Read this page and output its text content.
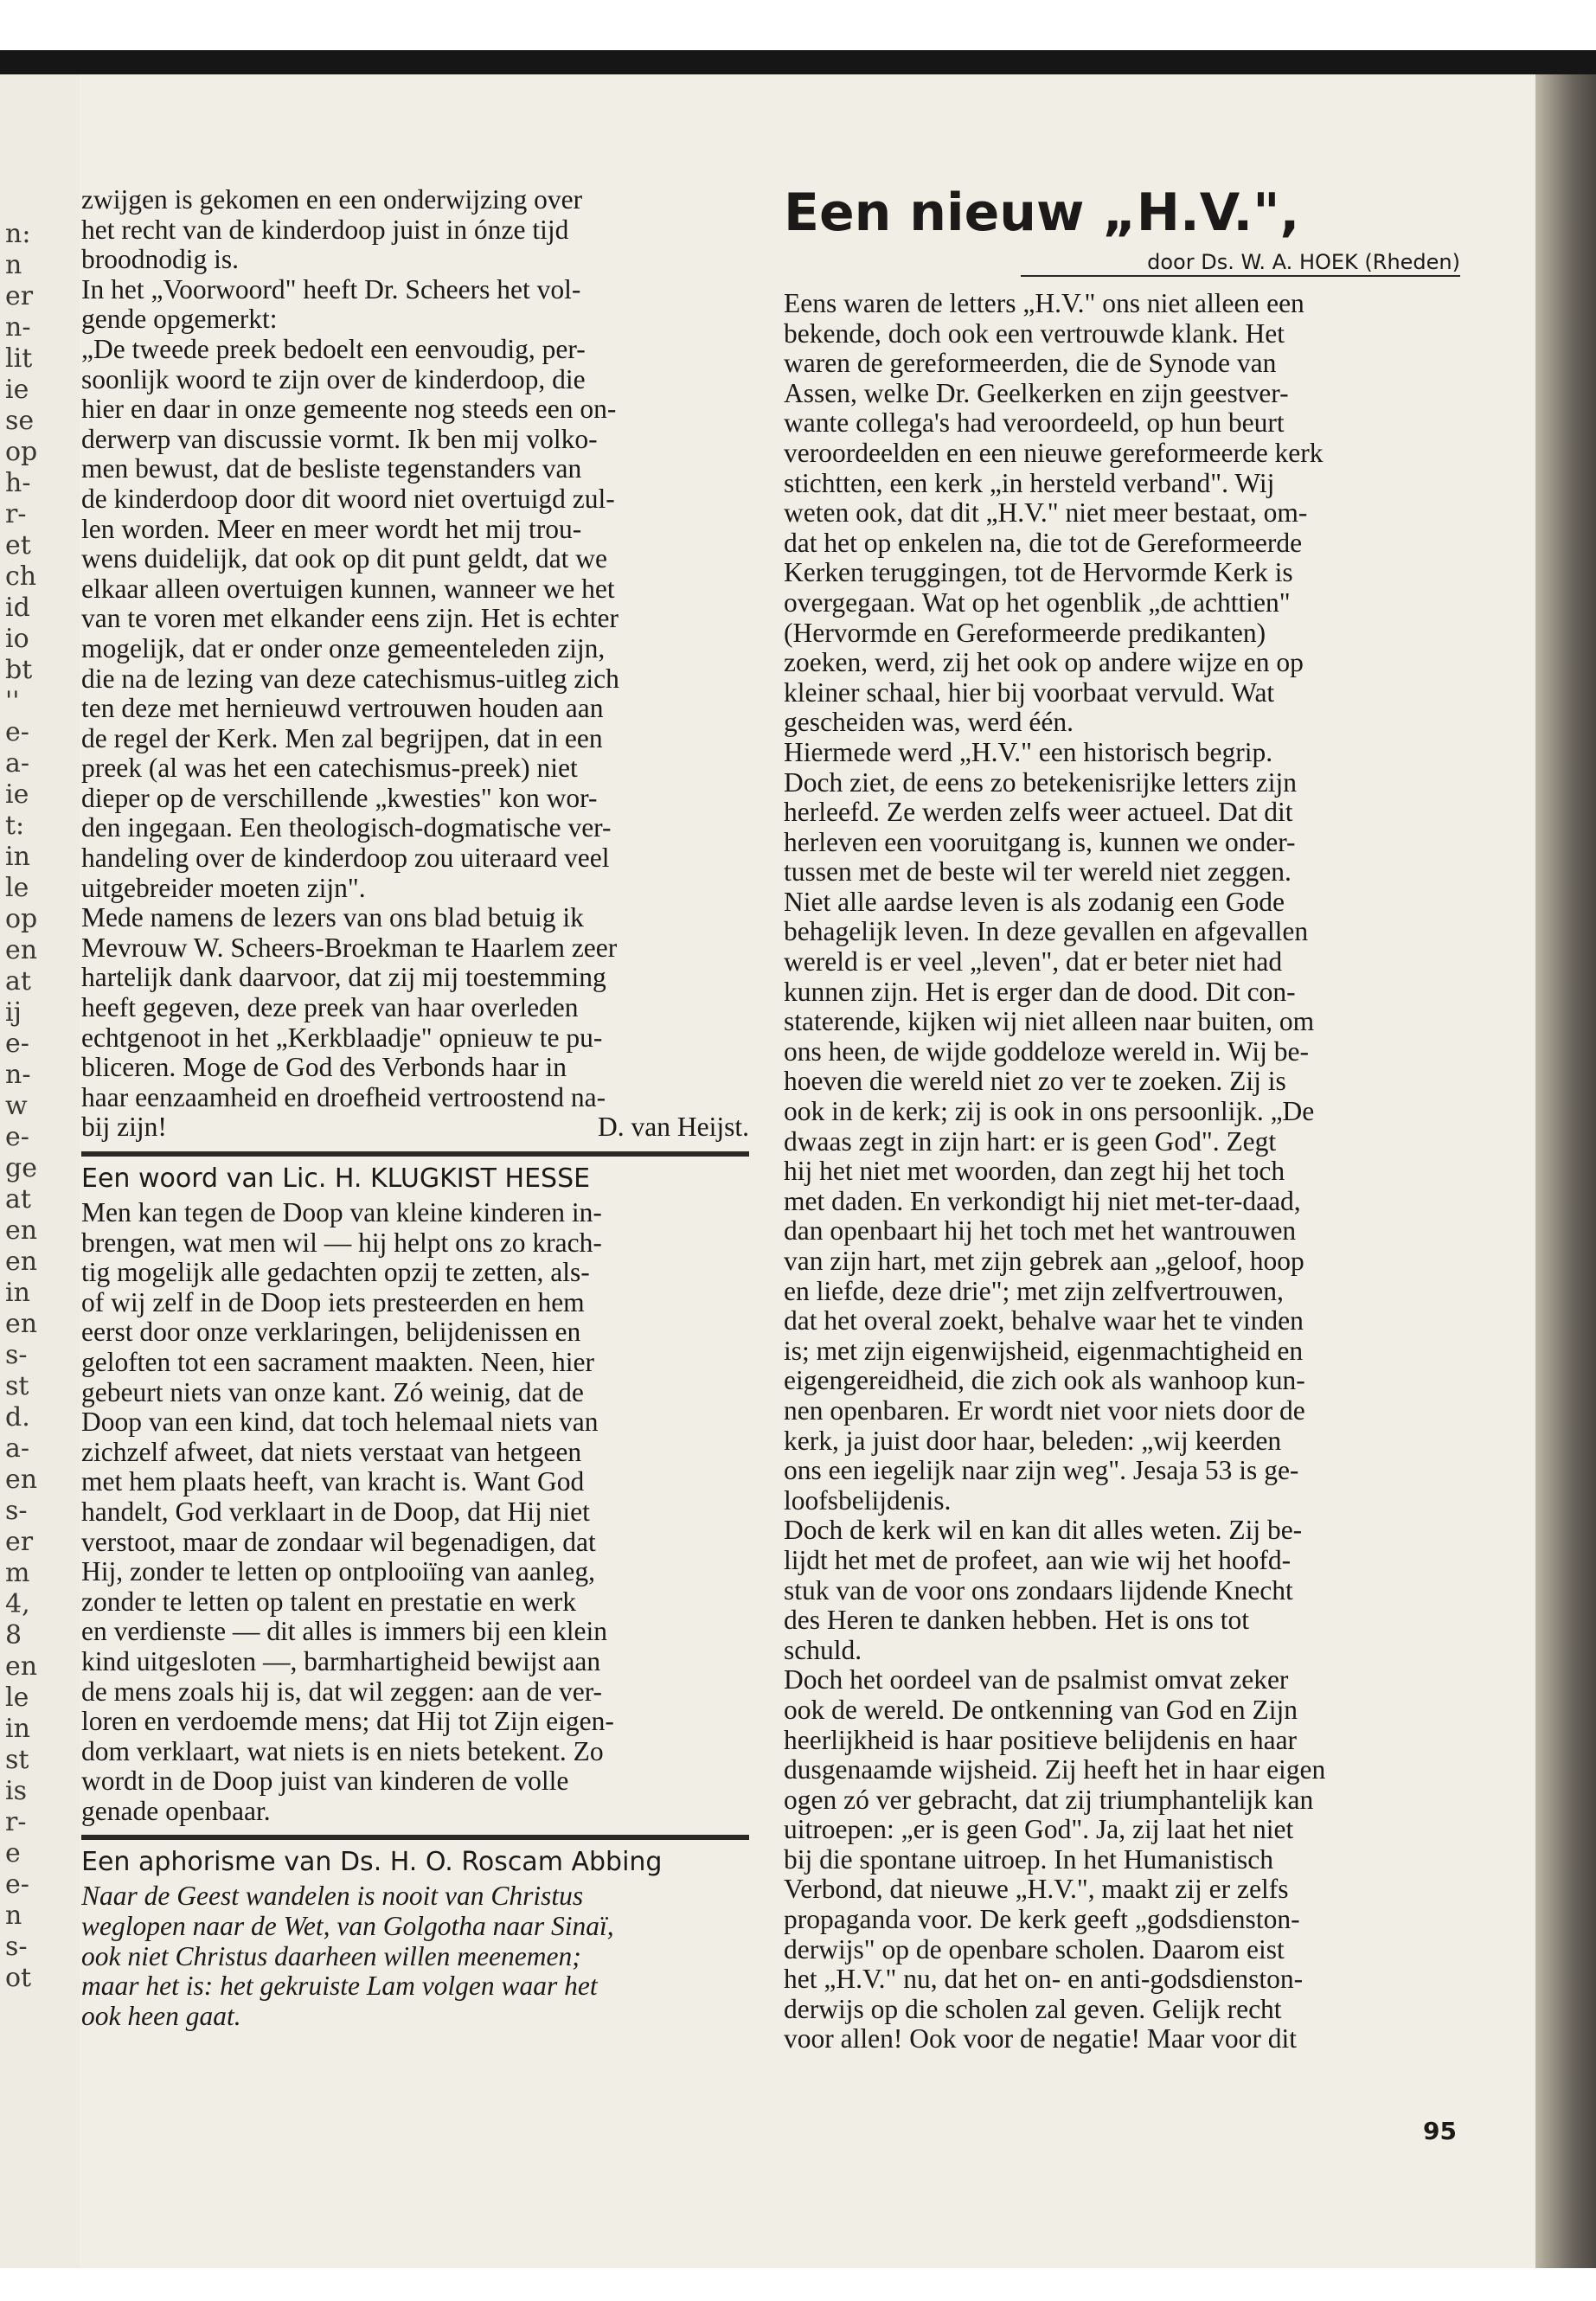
n:
n
er
n-
lit
ie
se
op
h-
r-
et
ch
id
io
bt
''
e-
a-
ie
t:
in
le
op
en
at
ij
e-
n-
w
e-
ge
at
en
en
in
en
s-
st
d.
a-
en
s-
er
m
4,
8
en
le
in
st
is
r-
e
e-
n
s-
ot
zwijgen is gekomen en een onderwijzing over
het recht van de kinderdoop juist in ónze tijd
broodnodig is.
In het „Voorwoord" heeft Dr. Scheers het vol-
gende opgemerkt:
„De tweede preek bedoelt een eenvoudig, per-
soonlijk woord te zijn over de kinderdoop, die
hier en daar in onze gemeente nog steeds een on-
derwerp van discussie vormt. Ik ben mij volko-
men bewust, dat de besliste tegenstanders van
de kinderdoop door dit woord niet overtuigd zul-
len worden. Meer en meer wordt het mij trou-
wens duidelijk, dat ook op dit punt geldt, dat we
elkaar alleen overtuigen kunnen, wanneer we het
van te voren met elkander eens zijn. Het is echter
mogelijk, dat er onder onze gemeenteleden zijn,
die na de lezing van deze catechismus-uitleg zich
ten deze met hernieuwd vertrouwen houden aan
de regel der Kerk. Men zal begrijpen, dat in een
preek (al was het een catechismus-preek) niet
dieper op de verschillende „kwesties" kon wor-
den ingegaan. Een theologisch-dogmatische ver-
handeling over de kinderdoop zou uiteraard veel
uitgebreider moeten zijn".
Mede namens de lezers van ons blad betuig ik
Mevrouw W. Scheers-Broekman te Haarlem zeer
hartelijk dank daarvoor, dat zij mij toestemming
heeft gegeven, deze preek van haar overleden
echtgenoot in het „Kerkblaadje" opnieuw te pu-
bliceren. Moge de God des Verbonds haar in
haar eenzaamheid en droefheid vertroostend na-
bij zijn!	D. van Heijst.
Een woord van Lic. H. KLUGKIST HESSE
Men kan tegen de Doop van kleine kinderen in-
brengen, wat men wil — hij helpt ons zo krach-
tig mogelijk alle gedachten opzij te zetten, als-
of wij zelf in de Doop iets presteerden en hem
eerst door onze verklaringen, belijdenissen en
geloften tot een sacrament maakten. Neen, hier
gebeurt niets van onze kant. Zó weinig, dat de
Doop van een kind, dat toch helemaal niets van
zichzelf afweet, dat niets verstaat van hetgeen
met hem plaats heeft, van kracht is. Want God
handelt, God verklaart in de Doop, dat Hij niet
verstoot, maar de zondaar wil begenadigen, dat
Hij, zonder te letten op ontplooiïng van aanleg,
zonder te letten op talent en prestatie en werk
en verdienste — dit alles is immers bij een klein
kind uitgesloten —, barmhartigheid bewijst aan
de mens zoals hij is, dat wil zeggen: aan de ver-
loren en verdoemde mens; dat Hij tot Zijn eigen-
dom verklaart, wat niets is en niets betekent. Zo
wordt in de Doop juist van kinderen de volle
genade openbaar.
Een aphorisme van Ds. H. O. Roscam Abbing
Naar de Geest wandelen is nooit van Christus
weglopen naar de Wet, van Golgotha naar Sinaï,
ook niet Christus daarheen willen meenemen;
maar het is: het gekruiste Lam volgen waar het
ook heen gaat.
Een nieuw „H.V.",
door Ds. W. A. HOEK (Rheden)
Eens waren de letters „H.V." ons niet alleen een
bekende, doch ook een vertrouwde klank. Het
waren de gereformeerden, die de Synode van
Assen, welke Dr. Geelkerken en zijn geestver-
wante collega's had veroordeeld, op hun beurt
veroordeelden en een nieuwe gereformeerde kerk
stichtten, een kerk „in hersteld verband". Wij
weten ook, dat dit „H.V." niet meer bestaat, om-
dat het op enkelen na, die tot de Gereformeerde
Kerken teruggingen, tot de Hervormde Kerk is
overgegaan. Wat op het ogenblik „de achttien"
(Hervormde en Gereformeerde predikanten)
zoeken, werd, zij het ook op andere wijze en op
kleiner schaal, hier bij voorbaat vervuld. Wat
gescheiden was, werd één.
Hiermede werd „H.V." een historisch begrip.
Doch ziet, de eens zo betekenisrijke letters zijn
herleefd. Ze werden zelfs weer actueel. Dat dit
herleven een vooruitgang is, kunnen we onder-
tussen met de beste wil ter wereld niet zeggen.
Niet alle aardse leven is als zodanig een Gode
behagelijk leven. In deze gevallen en afgevallen
wereld is er veel „leven", dat er beter niet had
kunnen zijn. Het is erger dan de dood. Dit con-
staterende, kijken wij niet alleen naar buiten, om
ons heen, de wijde goddeloze wereld in. Wij be-
hoeven die wereld niet zo ver te zoeken. Zij is
ook in de kerk; zij is ook in ons persoonlijk. „De
dwaas zegt in zijn hart: er is geen God". Zegt
hij het niet met woorden, dan zegt hij het toch
met daden. En verkondigt hij niet met-ter-daad,
dan openbaart hij het toch met het wantrouwen
van zijn hart, met zijn gebrek aan „geloof, hoop
en liefde, deze drie"; met zijn zelfvertrouwen,
dat het overal zoekt, behalve waar het te vinden
is; met zijn eigenwijsheid, eigenmachtigheid en
eigengereidheid, die zich ook als wanhoop kun-
nen openbaren. Er wordt niet voor niets door de
kerk, ja juist door haar, beleden: „wij keerden
ons een iegelijk naar zijn weg". Jesaja 53 is ge-
loofsbelijdenis.
Doch de kerk wil en kan dit alles weten. Zij be-
lijdt het met de profeet, aan wie wij het hoofd-
stuk van de voor ons zondaars lijdende Knecht
des Heren te danken hebben. Het is ons tot
schuld.
Doch het oordeel van de psalmist omvat zeker
ook de wereld. De ontkenning van God en Zijn
heerlijkheid is haar positieve belijdenis en haar
dusgenaamde wijsheid. Zij heeft het in haar eigen
ogen zó ver gebracht, dat zij triumphantelijk kan
uitroepen: „er is geen God". Ja, zij laat het niet
bij die spontane uitroep. In het Humanistisch
Verbond, dat nieuwe „H.V.", maakt zij er zelfs
propaganda voor. De kerk geeft „godsdienston-
derwijs" op de openbare scholen. Daarom eist
het „H.V." nu, dat het on- en anti-godsdienston-
derwijs op die scholen zal geven. Gelijk recht
voor allen! Ook voor de negatie! Maar voor dit
95
